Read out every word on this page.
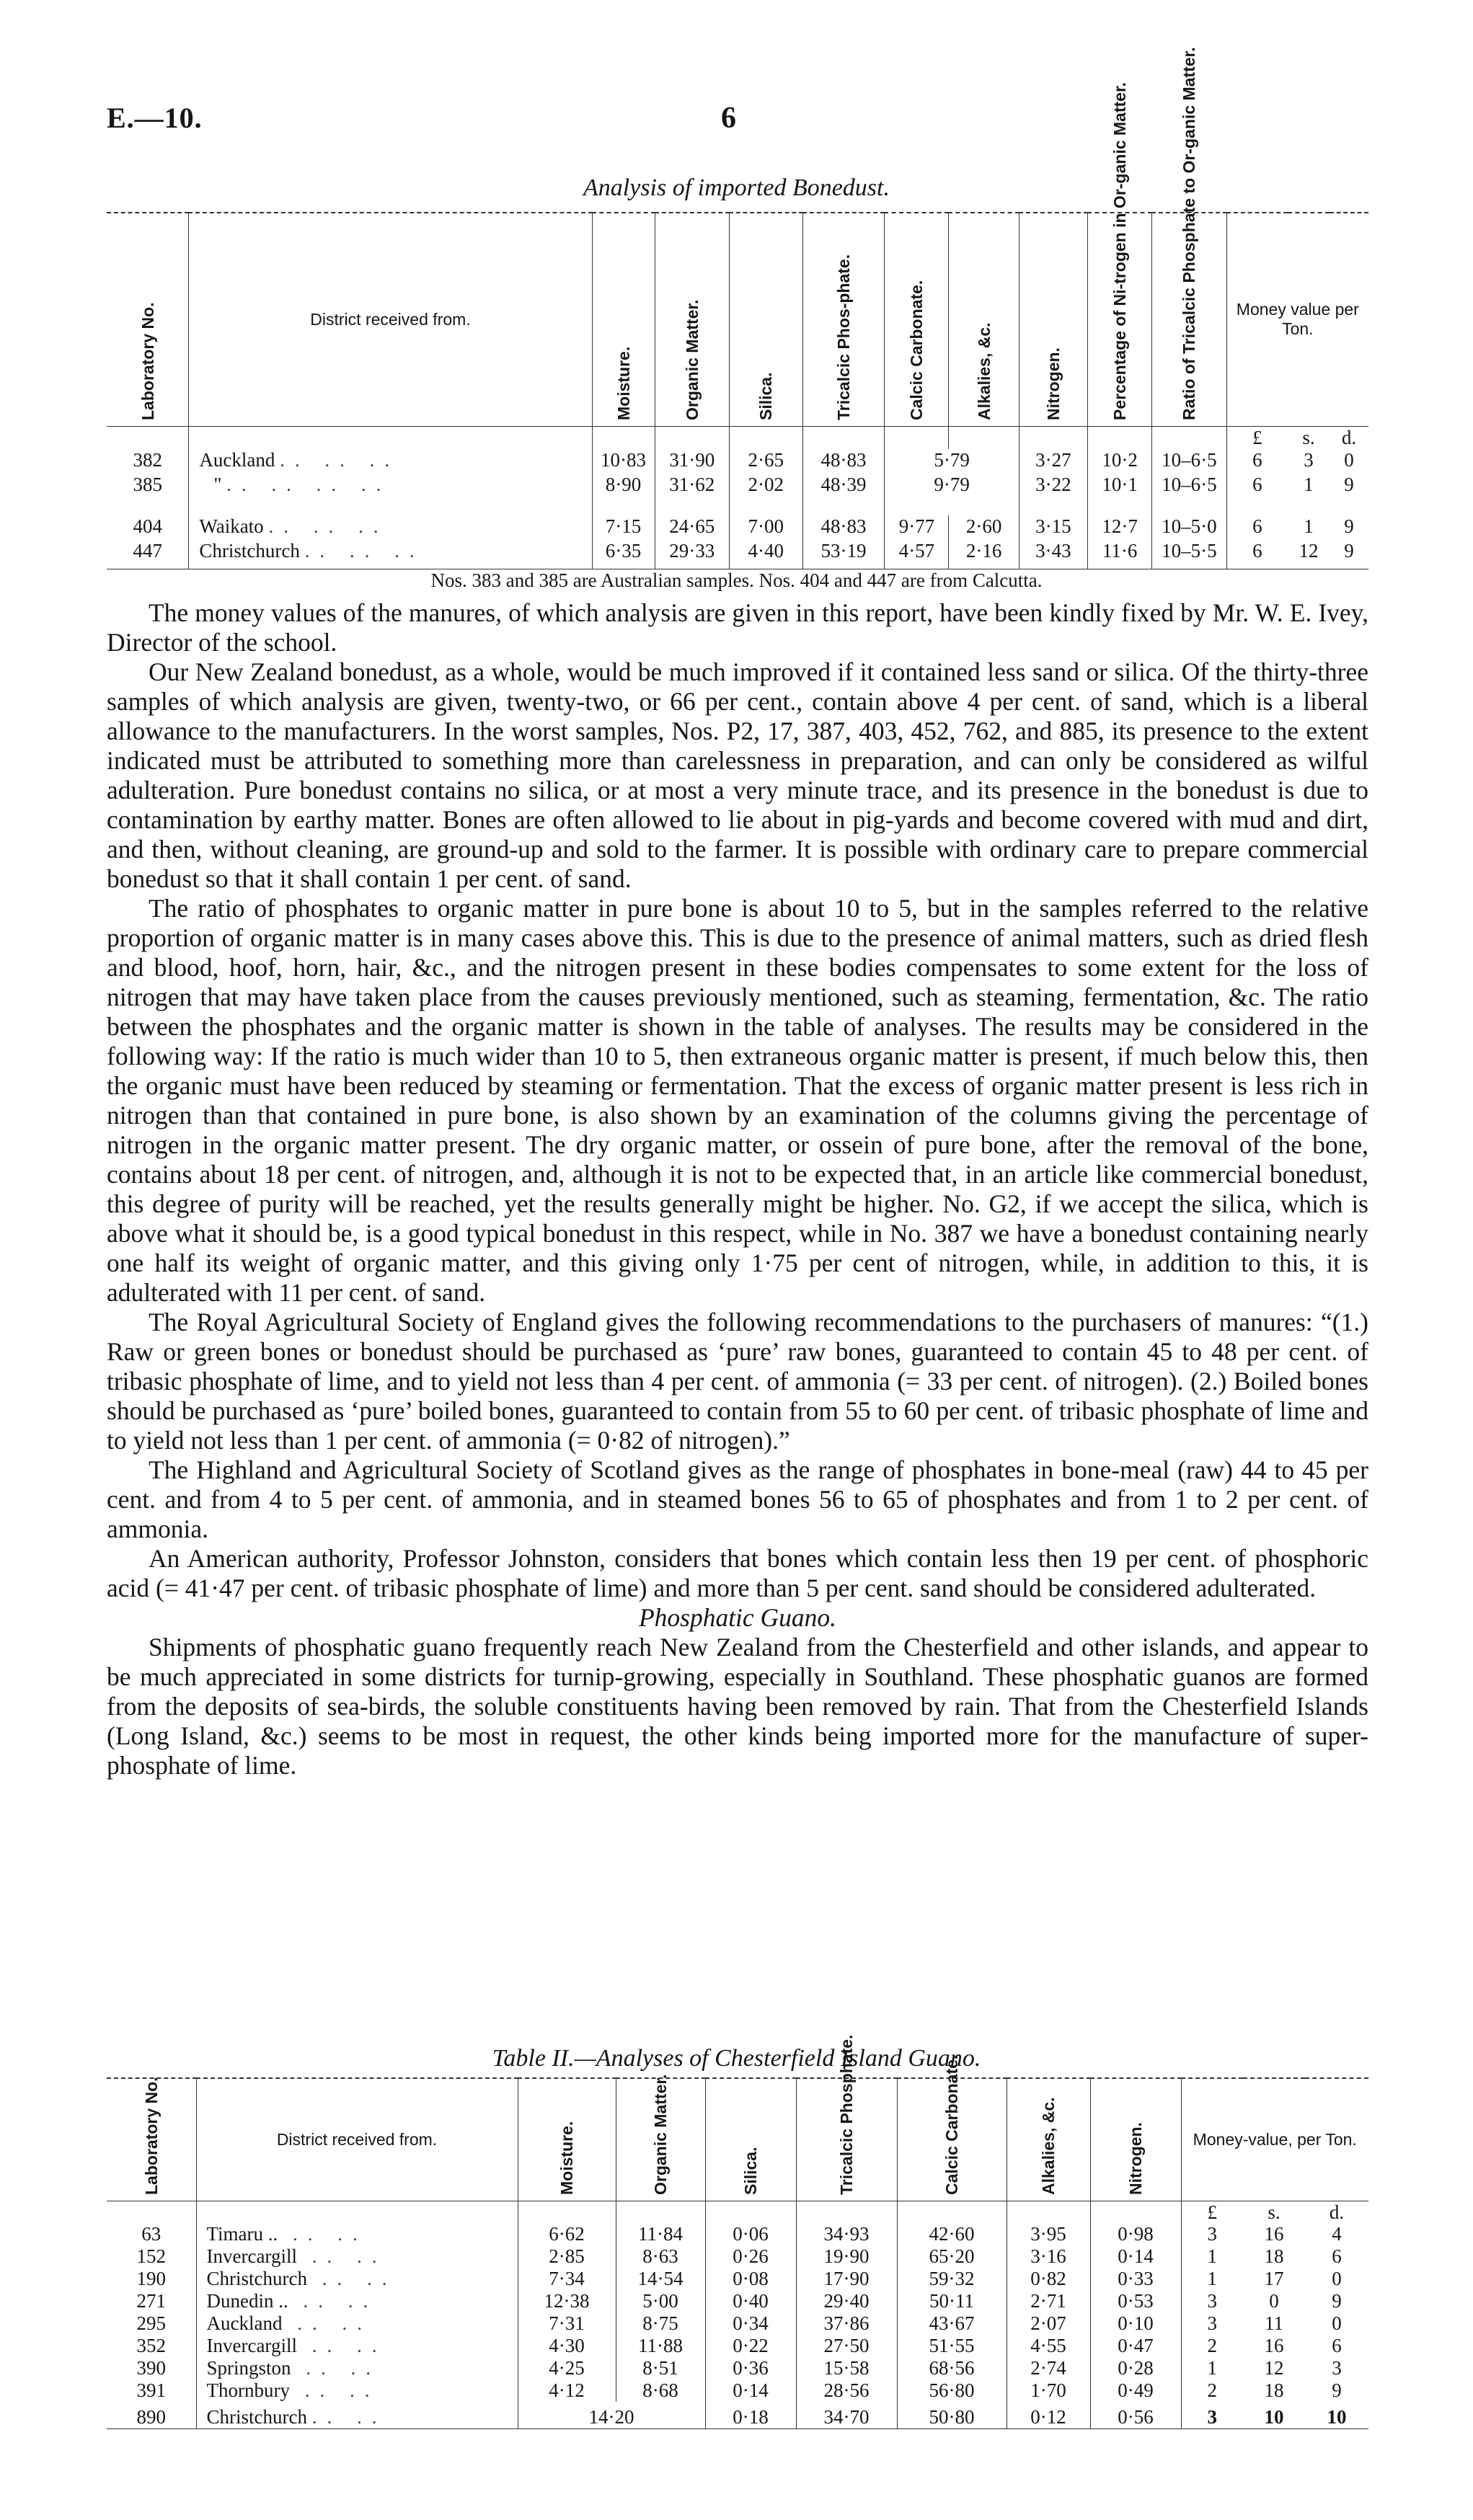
E.—10.	6
Analysis of imported Bonedust.
Laboratory No.	District received from.	Moisture.	Organic Matter.	Silica.	Tricalcic Phos-phate.	Calcic Carbonate.	Alkalies, &c.	Nitrogen.	Percentage of Ni-trogen in Or-ganic Matter.	Ratio of Tricalcic Phosphate to Or-ganic Matter.	Money value per Ton.		
											£	s.	d.
382	Auckland .. .. ..	10·83	31·90	2·65	48·83	5·79		3·27	10·2	10–6·5	6	3	0
385	" .. .. .. ..	8·90	31·62	2·02	48·39	9·79		3·22	10·1	10–6·5	6	1	9
404	Waikato .. .. ..	7·15	24·65	7·00	48·83	9·77	2·60	3·15	12·7	10–5·0	6	1	9
447	Christchurch .. .. ..	6·35	29·33	4·40	53·19	4·57	2·16	3·43	11·6	10–5·5	6	12	9
Nos. 383 and 385 are Australian samples. Nos. 404 and 447 are from Calcutta.

The money values of the manures, of which analysis are given in this report, have been kindly fixed by Mr. W. E. Ivey, Director of the school.

Our New Zealand bonedust, as a whole, would be much improved if it contained less sand or silica. Of the thirty-three samples of which analysis are given, twenty-two, or 66 per cent., contain above 4 per cent. of sand, which is a liberal allowance to the manufacturers. In the worst samples, Nos. P2, 17, 387, 403, 452, 762, and 885, its presence to the extent indicated must be attributed to something more than carelessness in preparation, and can only be considered as wilful adulteration. Pure bonedust contains no silica, or at most a very minute trace, and its presence in the bonedust is due to contamination by earthy matter. Bones are often allowed to lie about in pig-yards and become covered with mud and dirt, and then, without cleaning, are ground-up and sold to the farmer. It is possible with ordinary care to prepare commercial bonedust so that it shall contain 1 per cent. of sand.

The ratio of phosphates to organic matter in pure bone is about 10 to 5, but in the samples referred to the relative proportion of organic matter is in many cases above this. This is due to the presence of animal matters, such as dried flesh and blood, hoof, horn, hair, &c., and the nitrogen present in these bodies compensates to some extent for the loss of nitrogen that may have taken place from the causes previously mentioned, such as steaming, fermentation, &c. The ratio between the phosphates and the organic matter is shown in the table of analyses. The results may be considered in the following way: If the ratio is much wider than 10 to 5, then extraneous organic matter is present, if much below this, then the organic must have been reduced by steaming or fermentation. That the excess of organic matter present is less rich in nitrogen than that contained in pure bone, is also shown by an examination of the columns giving the percentage of nitrogen in the organic matter present. The dry organic matter, or ossein of pure bone, after the removal of the bone, contains about 18 per cent. of nitrogen, and, although it is not to be expected that, in an article like commercial bonedust, this degree of purity will be reached, yet the results generally might be higher. No. G2, if we accept the silica, which is above what it should be, is a good typical bonedust in this respect, while in No. 387 we have a bonedust containing nearly one half its weight of organic matter, and this giving only 1·75 per cent of nitrogen, while, in addition to this, it is adulterated with 11 per cent. of sand.

The Royal Agricultural Society of England gives the following recommendations to the purchasers of manures: “(1.) Raw or green bones or bonedust should be purchased as ‘pure’ raw bones, guaranteed to contain 45 to 48 per cent. of tribasic phosphate of lime, and to yield not less than 4 per cent. of ammonia (= 33 per cent. of nitrogen). (2.) Boiled bones should be purchased as ‘pure’ boiled bones, guaranteed to contain from 55 to 60 per cent. of tribasic phosphate of lime and to yield not less than 1 per cent. of ammonia (= 0·82 of nitrogen).”

The Highland and Agricultural Society of Scotland gives as the range of phosphates in bone-meal (raw) 44 to 45 per cent. and from 4 to 5 per cent. of ammonia, and in steamed bones 56 to 65 of phosphates and from 1 to 2 per cent. of ammonia.

An American authority, Professor Johnston, considers that bones which contain less then 19 per cent. of phosphoric acid (= 41·47 per cent. of tribasic phosphate of lime) and more than 5 per cent. sand should be considered adulterated.

Phosphatic Guano.

Shipments of phosphatic guano frequently reach New Zealand from the Chesterfield and other islands, and appear to be much appreciated in some districts for turnip-growing, especially in Southland. These phosphatic guanos are formed from the deposits of sea-birds, the soluble constituents having been removed by rain. That from the Chesterfield Islands (Long Island, &c.) seems to be most in request, the other kinds being imported more for the manufacture of super-phosphate of lime.

Table II.—Analyses of Chesterfield Island Guano.
Laboratory No.	District received from.	Moisture.	Organic Matter.	Silica.	Tricalcic Phosphate.	Calcic Carbonate.	Alkalies, &c.	Nitrogen.	Money-value, per Ton.		
									£	s.	d.
63	Timaru .. .. ..	6·62	11·84	0·06	34·93	42·60	3·95	0·98	3	16	4
152	Invercargill .. ..	2·85	8·63	0·26	19·90	65·20	3·16	0·14	1	18	6
190	Christchurch .. ..	7·34	14·54	0·08	17·90	59·32	0·82	0·33	1	17	0
271	Dunedin .. .. ..	12·38	5·00	0·40	29·40	50·11	2·71	0·53	3	0	9
295	Auckland .. ..	7·31	8·75	0·34	37·86	43·67	2·07	0·10	3	11	0
352	Invercargill .. ..	4·30	11·88	0·22	27·50	51·55	4·55	0·47	2	16	6
390	Springston .. ..	4·25	8·51	0·36	15·58	68·56	2·74	0·28	1	12	3
391	Thornbury .. ..	4·12	8·68	0·14	28·56	56·80	1·70	0·49	2	18	9
890	Christchurch .. ..	14·20		0·18	34·70	50·80	0·12	0·56	3	10	10
